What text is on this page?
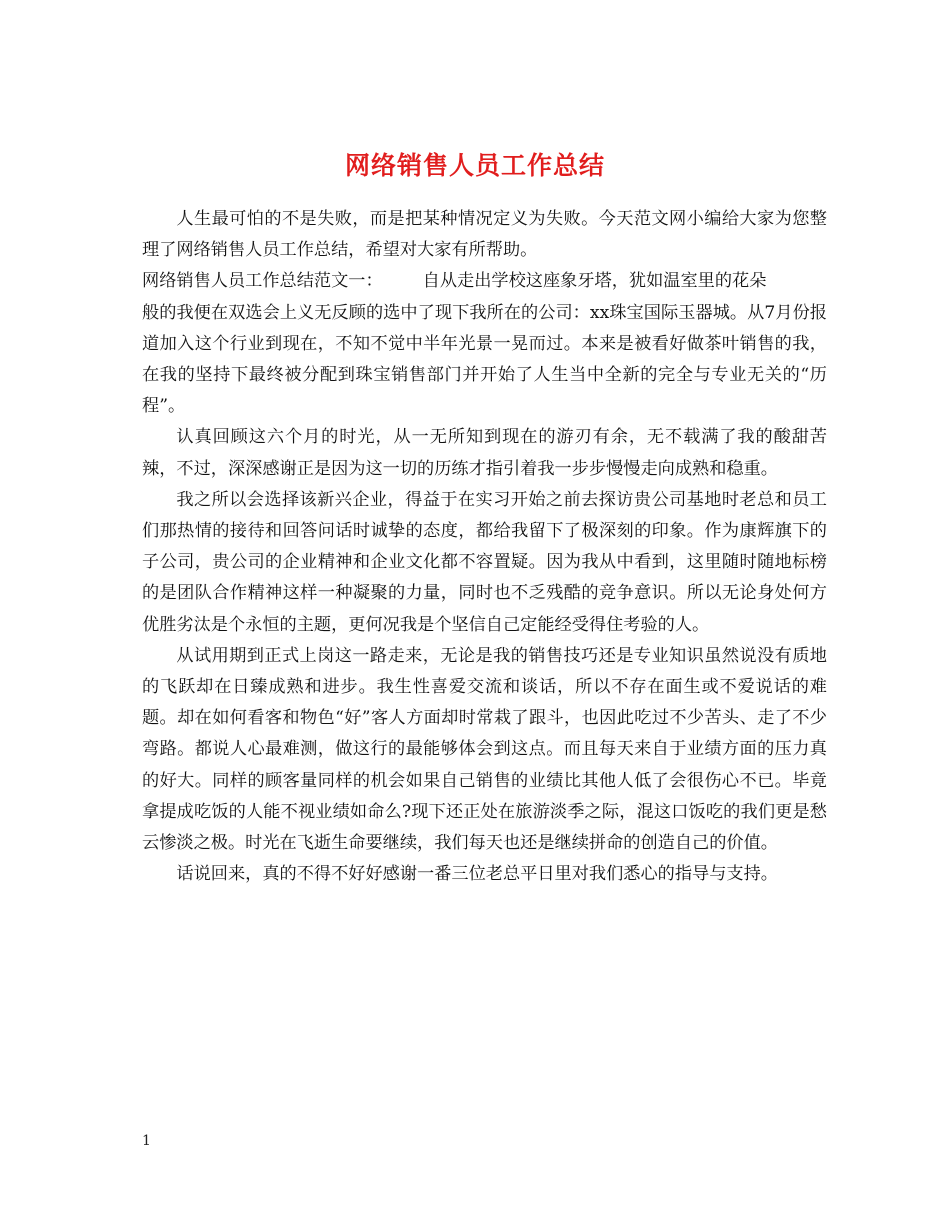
网络销售人员工作总结

人生最可怕的不是失败，而是把某种情况定义为失败。今天范文网小编给大家为您整理了网络销售人员工作总结，希望对大家有所帮助。

网络销售人员工作总结范文一： 自从走出学校这座象牙塔，犹如温室里的花朵

般的我便在双选会上义无反顾的选中了现下我所在的公司：xx珠宝国际玉器城。从7月份报道加入这个行业到现在，不知不觉中半年光景一晃而过。本来是被看好做茶叶销售的我，在我的坚持下最终被分配到珠宝销售部门并开始了人生当中全新的完全与专业无关的“历程”。

认真回顾这六个月的时光，从一无所知到现在的游刃有余，无不载满了我的酸甜苦辣，不过，深深感谢正是因为这一切的历练才指引着我一步步慢慢走向成熟和稳重。

我之所以会选择该新兴企业，得益于在实习开始之前去探访贵公司基地时老总和员工们那热情的接待和回答问话时诚挚的态度，都给我留下了极深刻的印象。作为康辉旗下的子公司，贵公司的企业精神和企业文化都不容置疑。因为我从中看到，这里随时随地标榜的是团队合作精神这样一种凝聚的力量，同时也不乏残酷的竞争意识。所以无论身处何方优胜劣汰是个永恒的主题，更何况我是个坚信自己定能经受得住考验的人。

从试用期到正式上岗这一路走来，无论是我的销售技巧还是专业知识虽然说没有质地的飞跃却在日臻成熟和进步。我生性喜爱交流和谈话，所以不存在面生或不爱说话的难题。却在如何看客和物色“好”客人方面却时常栽了跟斗，也因此吃过不少苦头、走了不少弯路。都说人心最难测，做这行的最能够体会到这点。而且每天来自于业绩方面的压力真的好大。同样的顾客量同样的机会如果自己销售的业绩比其他人低了会很伤心不已。毕竟拿提成吃饭的人能不视业绩如命么?现下还正处在旅游淡季之际，混这口饭吃的我们更是愁云惨淡之极。时光在飞逝生命要继续，我们每天也还是继续拼命的创造自己的价值。

话说回来，真的不得不好好感谢一番三位老总平日里对我们悉心的指导与支持。

1
